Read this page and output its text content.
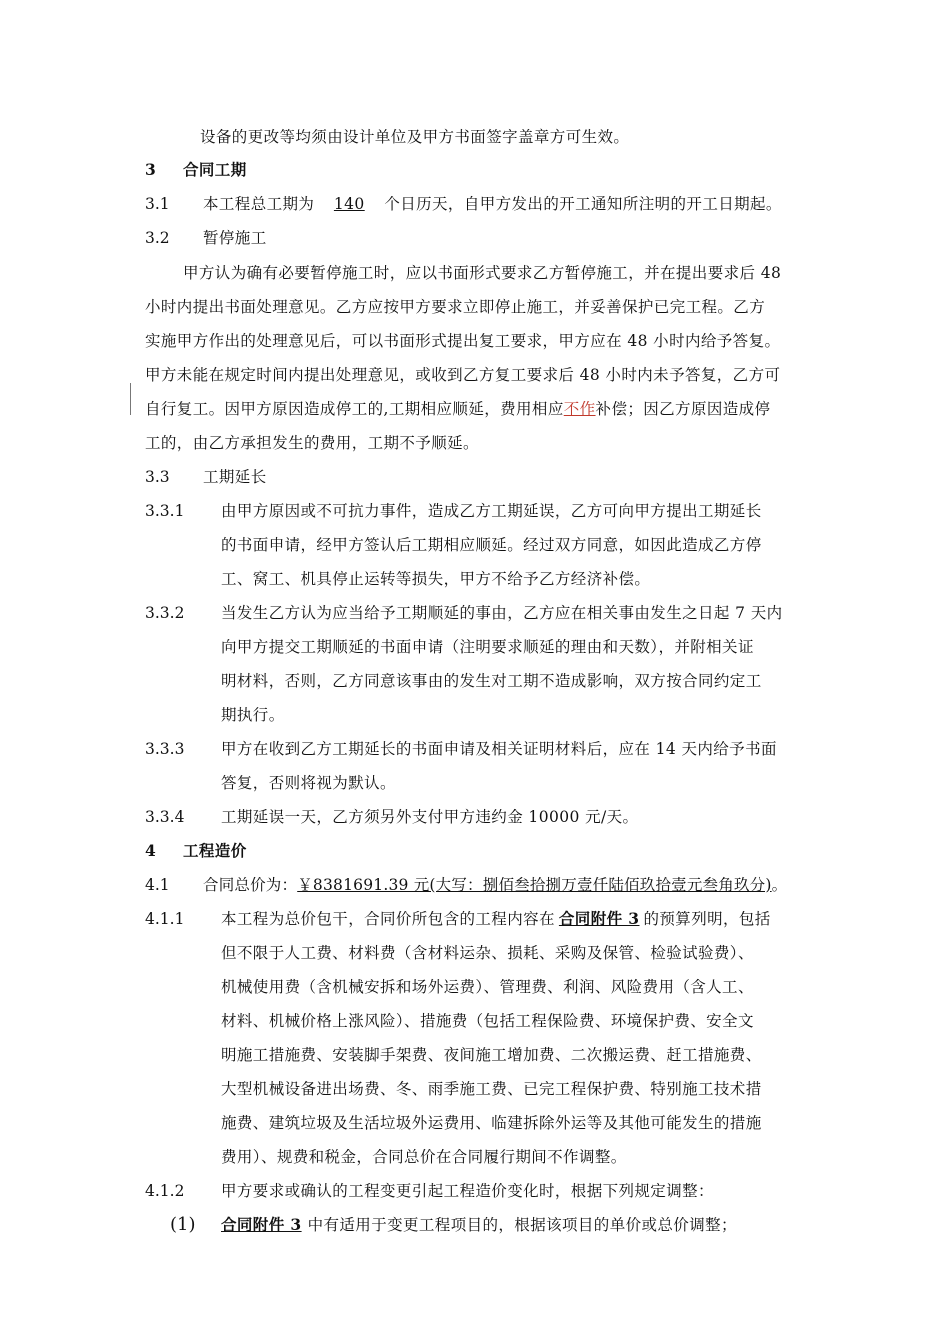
设备的更改等均须由设计单位及甲方书面签字盖章方可生效。
3 合同工期
3.1 本工程总工期为 140 个日历天，自甲方发出的开工通知所注明的开工日期起。
3.2 暂停施工
甲方认为确有必要暂停施工时，应以书面形式要求乙方暂停施工，并在提出要求后 48
小时内提出书面处理意见。乙方应按甲方要求立即停止施工，并妥善保护已完工程。乙方
实施甲方作出的处理意见后，可以书面形式提出复工要求，甲方应在 48 小时内给予答复。
甲方未能在规定时间内提出处理意见，或收到乙方复工要求后 48 小时内未予答复，乙方可
自行复工。因甲方原因造成停工的,工期相应顺延，费用相应不作补偿；因乙方原因造成停
工的，由乙方承担发生的费用，工期不予顺延。
3.3 工期延长
3.3.1 由甲方原因或不可抗力事件，造成乙方工期延误，乙方可向甲方提出工期延长
的书面申请，经甲方签认后工期相应顺延。经过双方同意，如因此造成乙方停
工、窝工、机具停止运转等损失，甲方不给予乙方经济补偿。
3.3.2 当发生乙方认为应当给予工期顺延的事由，乙方应在相关事由发生之日起 7 天内
向甲方提交工期顺延的书面申请（注明要求顺延的理由和天数），并附相关证
明材料，否则，乙方同意该事由的发生对工期不造成影响，双方按合同约定工
期执行。
3.3.3 甲方在收到乙方工期延长的书面申请及相关证明材料后，应在 14 天内给予书面
答复，否则将视为默认。
3.3.4 工期延误一天，乙方须另外支付甲方违约金 10000 元/天。
4 工程造价
4.1 合同总价为：￥8381691.39 元(大写：捌佰叁拾捌万壹仟陆佰玖拾壹元叁角玖分)。
4.1.1 本工程为总价包干，合同价所包含的工程内容在 合同附件 3 的预算列明，包括
但不限于人工费、材料费（含材料运杂、损耗、采购及保管、检验试验费）、
机械使用费（含机械安拆和场外运费）、管理费、利润、风险费用（含人工、
材料、机械价格上涨风险）、措施费（包括工程保险费、环境保护费、安全文
明施工措施费、安装脚手架费、夜间施工增加费、二次搬运费、赶工措施费、
大型机械设备进出场费、冬、雨季施工费、已完工程保护费、特别施工技术措
施费、建筑垃圾及生活垃圾外运费用、临建拆除外运等及其他可能发生的措施
费用）、规费和税金，合同总价在合同履行期间不作调整。
4.1.2 甲方要求或确认的工程变更引起工程造价变化时，根据下列规定调整：
(1) 合同附件 3 中有适用于变更工程项目的，根据该项目的单价或总价调整；
